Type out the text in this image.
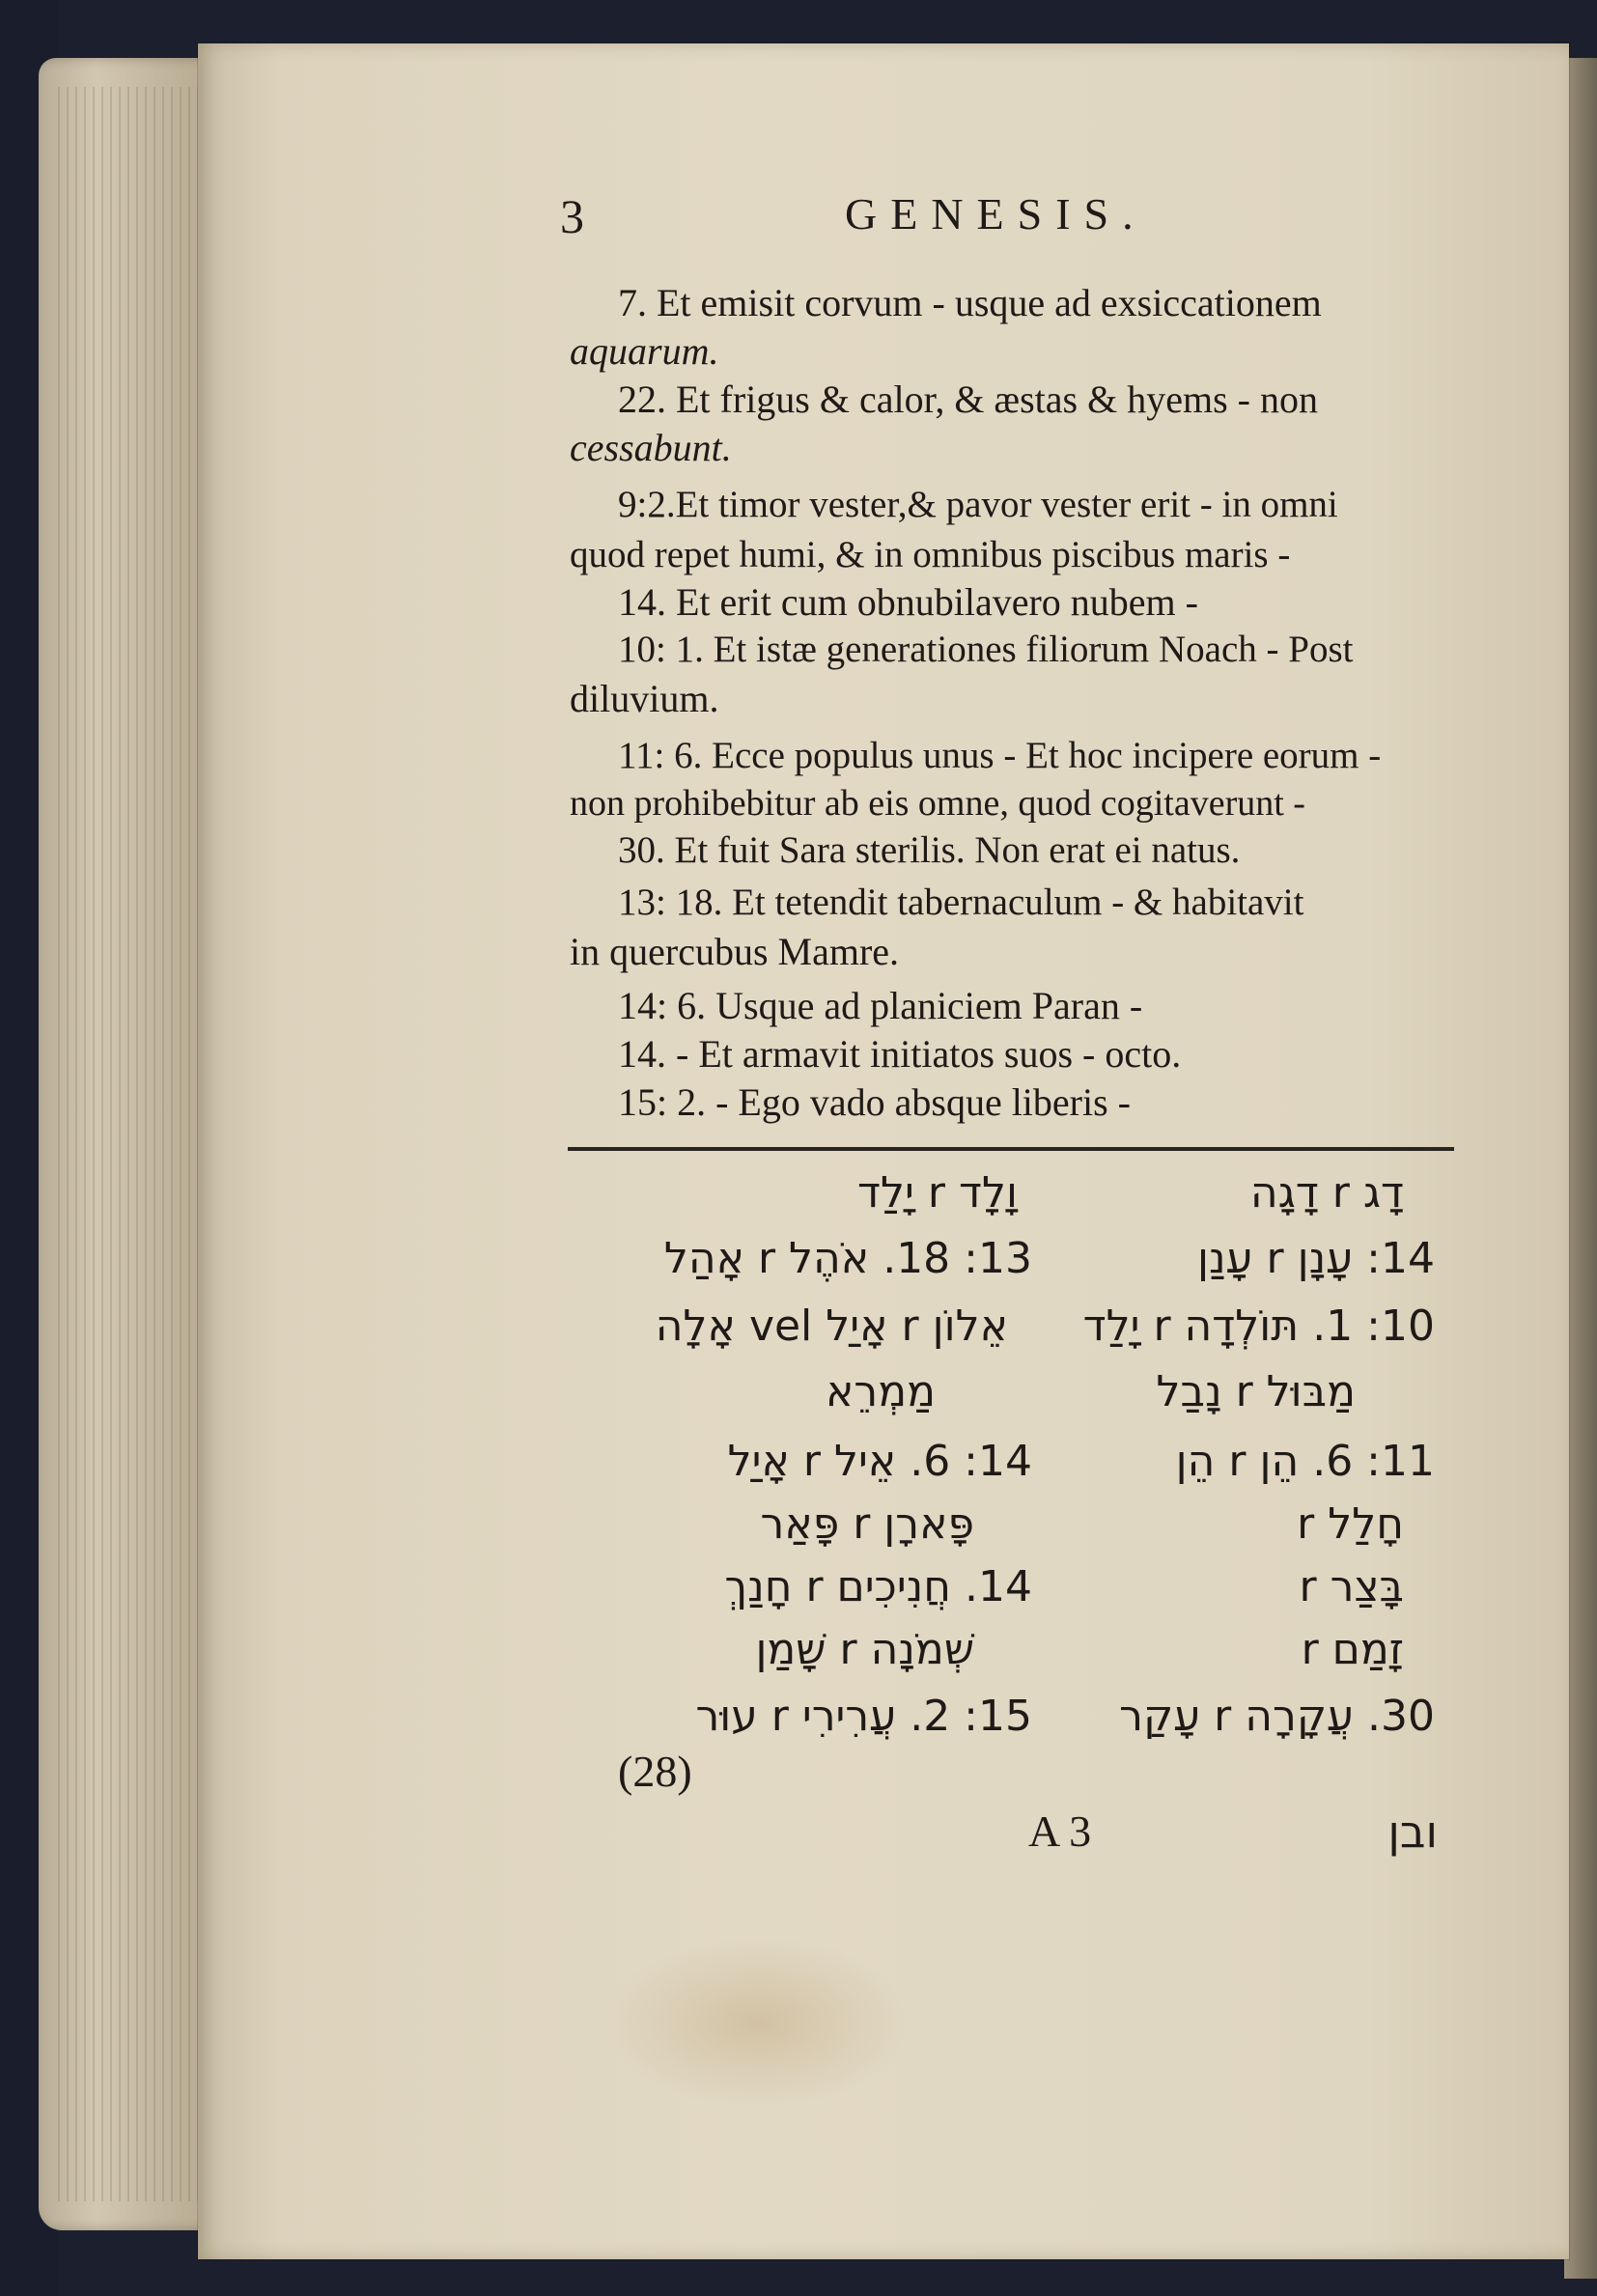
3	GENESIS.
7. Et emisit corvum - usque ad exsiccationem
aquarum.
22. Et frigus & calor, & æstas & hyems - non
cessabunt.
9:2.Et timor vester,& pavor vester erit - in omni
quod repet humi, & in omnibus piscibus maris -
14. Et erit cum obnubilavero nubem -
10: 1. Et istæ generationes filiorum Noach - Post
diluvium.
11: 6. Ecce populus unus - Et hoc incipere eorum -
non prohibebitur ab eis omne, quod cogitaverunt -
30. Et fuit Sara sterilis. Non erat ei natus.
13: 18. Et tetendit tabernaculum - & habitavit
in quercubus Mamre.
14: 6. Usque ad planiciem Paran -
14. - Et armavit initiatos suos - octo.
15: 2. - Ego vado absque liberis -
דָג r דָגָה
14: עָנָן r עָנַן
10: 1. תּוֹלְדָה r יָלַד
מַבּוּל r נָבַל
11: 6. הֵן r הֵן
r חָלַל
r בָּצַר
r זָמַם
30. עֲקָרָה r עָקַר
וָלָד r יָלַד
13: 18. אֹהֶל r אָהַל
אֵלוֹן r אָיַל vel אָלָה
מַמְרֵא
14: 6. אֵיל r אָיַל
פָּארָן r פָּאַר
14. חֲנִיכִים r חָנַךְ
שְׁמֹנָה r שָׁמַן
15: 2. עֲרִירִי r עוּר
(28)
A 3	ובן
